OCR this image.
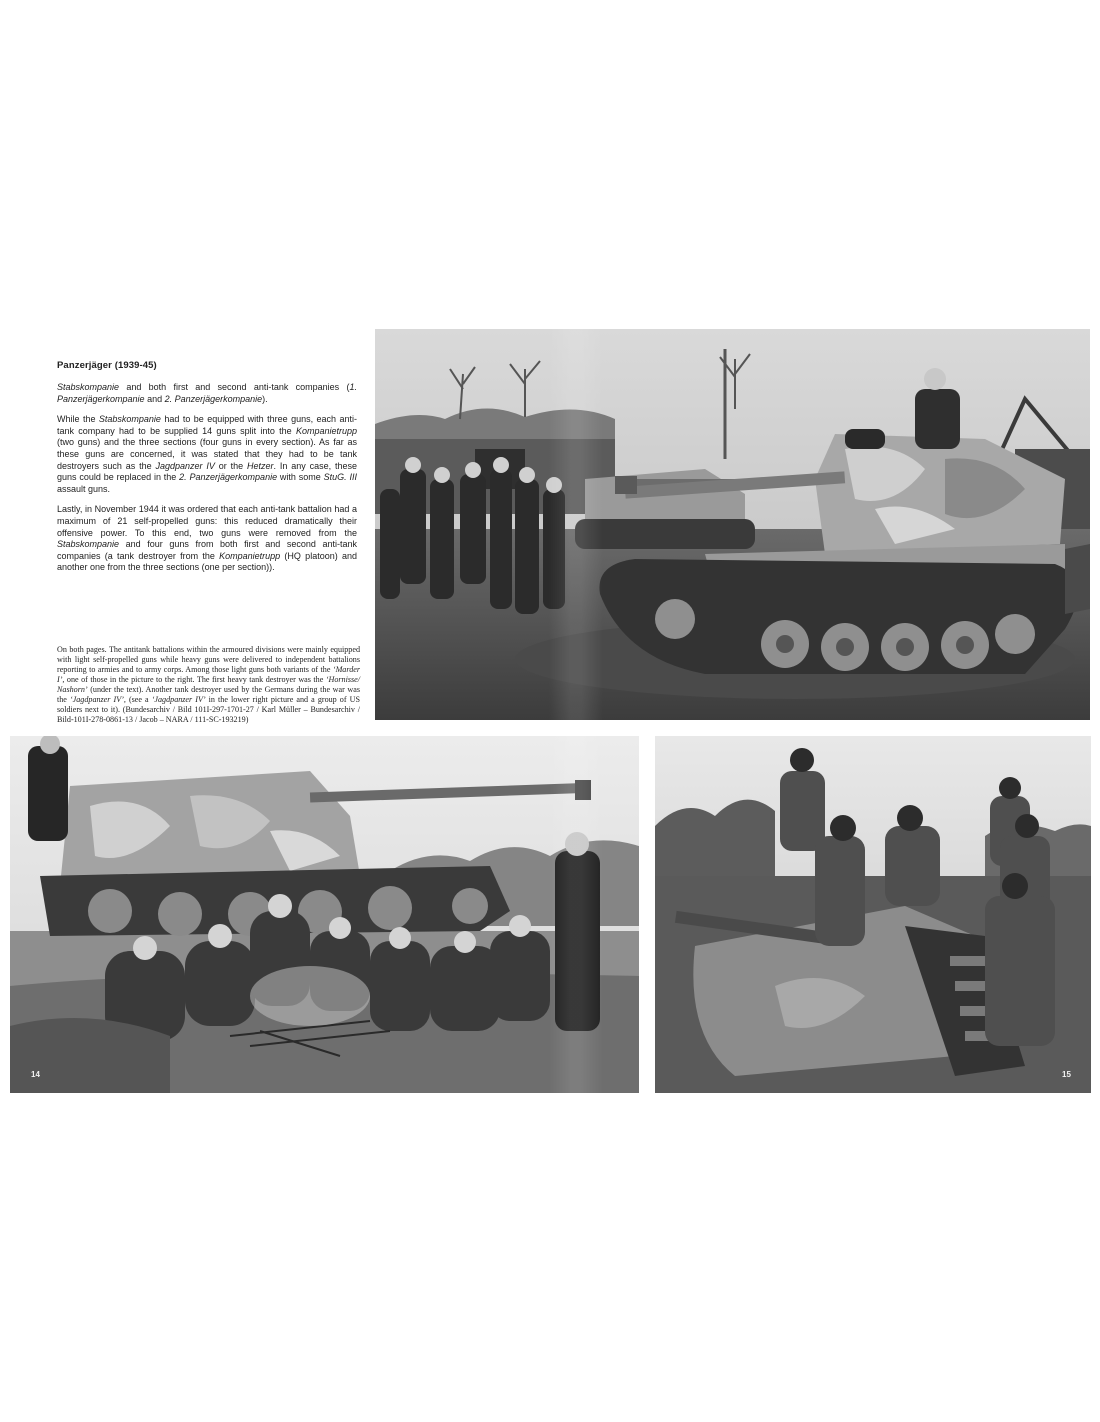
Panzerjäger (1939-45)

Stabskompanie and both first and second anti-tank companies (1. Panzerjägerkompanie and 2. Panzerjägerkompanie).

While the Stabskompanie had to be equipped with three guns, each anti-tank company had to be supplied 14 guns split into the Kompanietrupp (two guns) and the three sections (four guns in every section). As far as these guns are concerned, it was stated that they had to be tank destroyers such as the Jagdpanzer IV or the Hetzer. In any case, these guns could be replaced in the 2. Panzerjägerkompanie with some StuG. III assault guns.

Lastly, in November 1944 it was ordered that each anti-tank battalion had a maximum of 21 self-propelled guns: this reduced dramatically their offensive power. To this end, two guns were removed from the Stabskompanie and four guns from both first and second anti-tank companies (a tank destroyer from the Kompanietrupp (HQ platoon) and another one from the three sections (one per section)).

On both pages. The antitank battalions within the armoured divisions were mainly equipped with light self-propelled guns while heavy guns were delivered to independent battalions reporting to armies and to army corps. Among those light guns both variants of the ‘Marder I’, one of those in the picture to the right. The first heavy tank destroyer was the ‘Hornisse/ Nashorn’ (under the text). Another tank destroyer used by the Germans during the war was the ‘Jagdpanzer IV’, (see a ‘Jagdpanzer IV’ in the lower right picture and a group of US soldiers next to it). (Bundesarchiv / Bild 101I-297-1701-27 / Karl Müller – Bundesarchiv / Bild-101I-278-0861-13 / Jacob – NARA / 111-SC-193219)
14	15
